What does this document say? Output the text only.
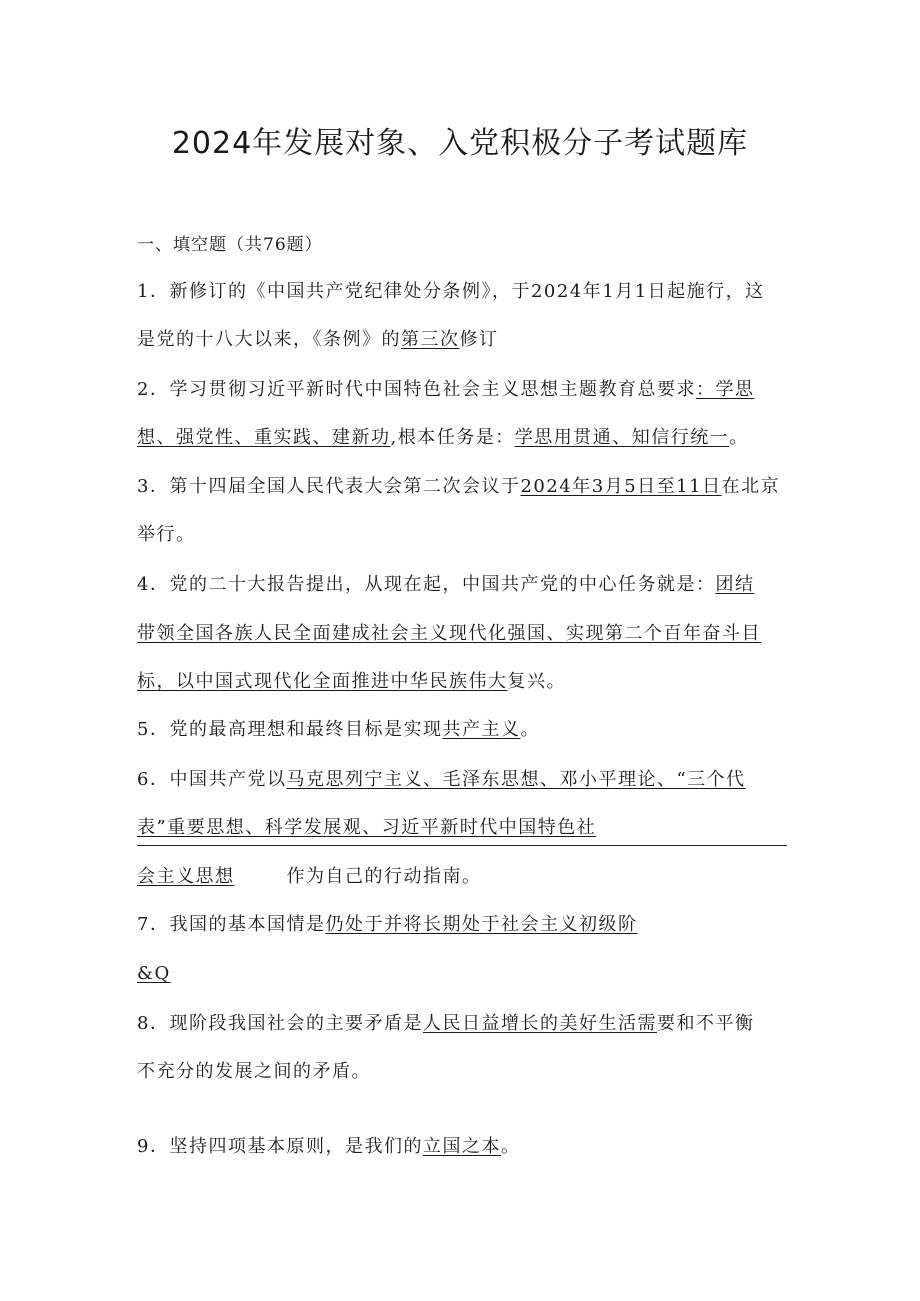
2024年发展对象、入党积极分子考试题库
一、填空题（共76题）
1．新修订的《中国共产党纪律处分条例》，于2024年1月1日起施行，这
是党的十八大以来，《条例》的第三次修订
2．学习贯彻习近平新时代中国特色社会主义思想主题教育总要求：学思
想、强党性、重实践、建新功,根本任务是：学思用贯通、知信行统一。
3．第十四届全国人民代表大会第二次会议于2024年3月5日至11日在北京
举行。
4．党的二十大报告提出，从现在起，中国共产党的中心任务就是：团结
带领全国各族人民全面建成社会主义现代化强国、实现第二个百年奋斗目
标，以中国式现代化全面推进中华民族伟大复兴。
5．党的最高理想和最终目标是实现共产主义。
6．中国共产党以马克思列宁主义、毛泽东思想、邓小平理论、“三个代
表”重要思想、科学发展观、习近平新时代中国特色社
会主义思想	作为自己的行动指南。
7．我国的基本国情是仍处于并将长期处于社会主义初级阶
&Q
8．现阶段我国社会的主要矛盾是人民日益增长的美好生活需要和不平衡
不充分的发展之间的矛盾。
9．坚持四项基本原则，是我们的立国之本。
